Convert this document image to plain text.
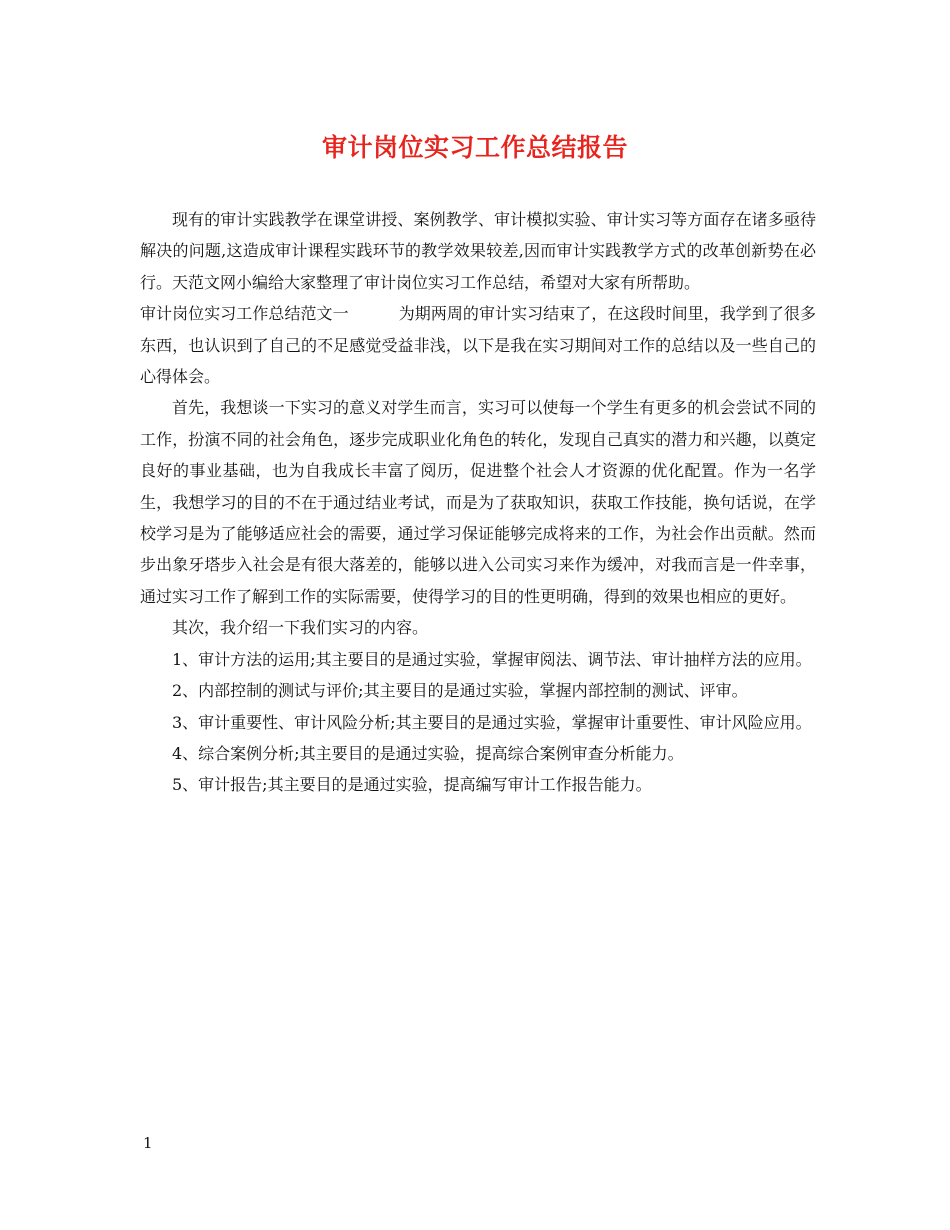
审计岗位实习工作总结报告

现有的审计实践教学在课堂讲授、案例教学、审计模拟实验、审计实习等方面存在诸多亟待解决的问题,这造成审计课程实践环节的教学效果较差,因而审计实践教学方式的改革创新势在必行。天范文网小编给大家整理了审计岗位实习工作总结，希望对大家有所帮助。

审计岗位实习工作总结范文一	为期两周的审计实习结束了，在这段时间里，我学到了很多东西，也认识到了自己的不足感觉受益非浅，以下是我在实习期间对工作的总结以及一些自己的心得体会。

首先，我想谈一下实习的意义对学生而言，实习可以使每一个学生有更多的机会尝试不同的工作，扮演不同的社会角色，逐步完成职业化角色的转化，发现自己真实的潜力和兴趣，以奠定良好的事业基础，也为自我成长丰富了阅历，促进整个社会人才资源的优化配置。作为一名学生，我想学习的目的不在于通过结业考试，而是为了获取知识，获取工作技能，换句话说，在学校学习是为了能够适应社会的需要，通过学习保证能够完成将来的工作，为社会作出贡献。然而步出象牙塔步入社会是有很大落差的，能够以进入公司实习来作为缓冲，对我而言是一件幸事，通过实习工作了解到工作的实际需要，使得学习的目的性更明确，得到的效果也相应的更好。

其次，我介绍一下我们实习的内容。

1、审计方法的运用;其主要目的是通过实验，掌握审阅法、调节法、审计抽样方法的应用。

2、内部控制的测试与评价;其主要目的是通过实验，掌握内部控制的测试、评审。

3、审计重要性、审计风险分析;其主要目的是通过实验，掌握审计重要性、审计风险应用。

4、综合案例分析;其主要目的是通过实验，提高综合案例审查分析能力。

5、审计报告;其主要目的是通过实验，提高编写审计工作报告能力。

1
